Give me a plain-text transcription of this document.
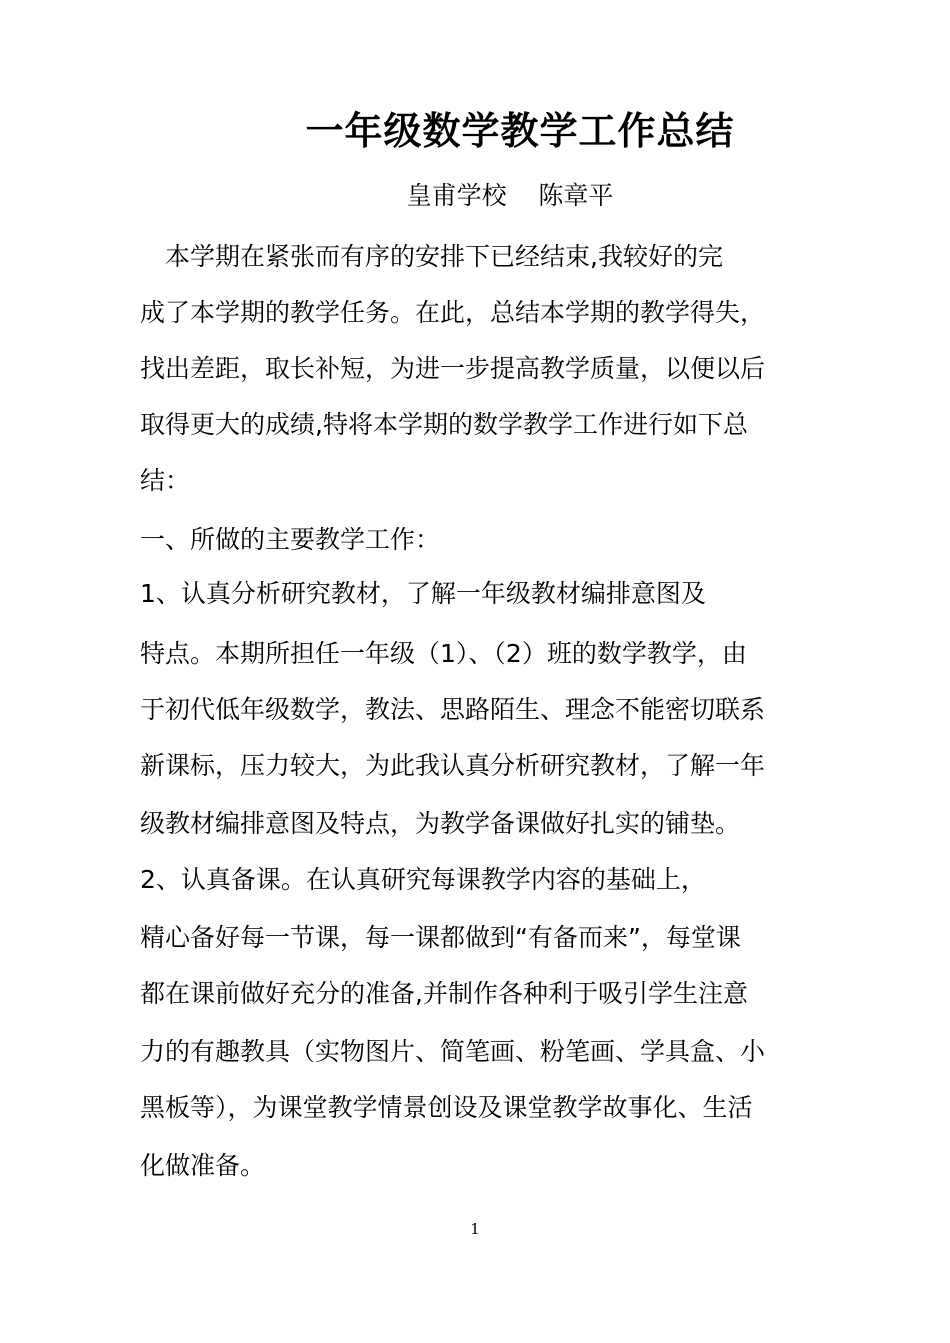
一年级数学教学工作总结
皇甫学校    陈章平
　本学期在紧张而有序的安排下已经结束,我较好的完
成了本学期的教学任务。在此，总结本学期的教学得失，
找出差距，取长补短，为进一步提高教学质量，以便以后
取得更大的成绩,特将本学期的数学教学工作进行如下总
结：
一、所做的主要教学工作：
1、认真分析研究教材，了解一年级教材编排意图及
特点。本期所担任一年级（1）、（2）班的数学教学，由
于初代低年级数学，教法、思路陌生、理念不能密切联系
新课标，压力较大，为此我认真分析研究教材，了解一年
级教材编排意图及特点，为教学备课做好扎实的铺垫。
2、认真备课。在认真研究每课教学内容的基础上，
精心备好每一节课，每一课都做到“有备而来”，每堂课
都在课前做好充分的准备,并制作各种利于吸引学生注意
力的有趣教具（实物图片、简笔画、粉笔画、学具盒、小
黑板等），为课堂教学情景创设及课堂教学故事化、生活
化做准备。
1
